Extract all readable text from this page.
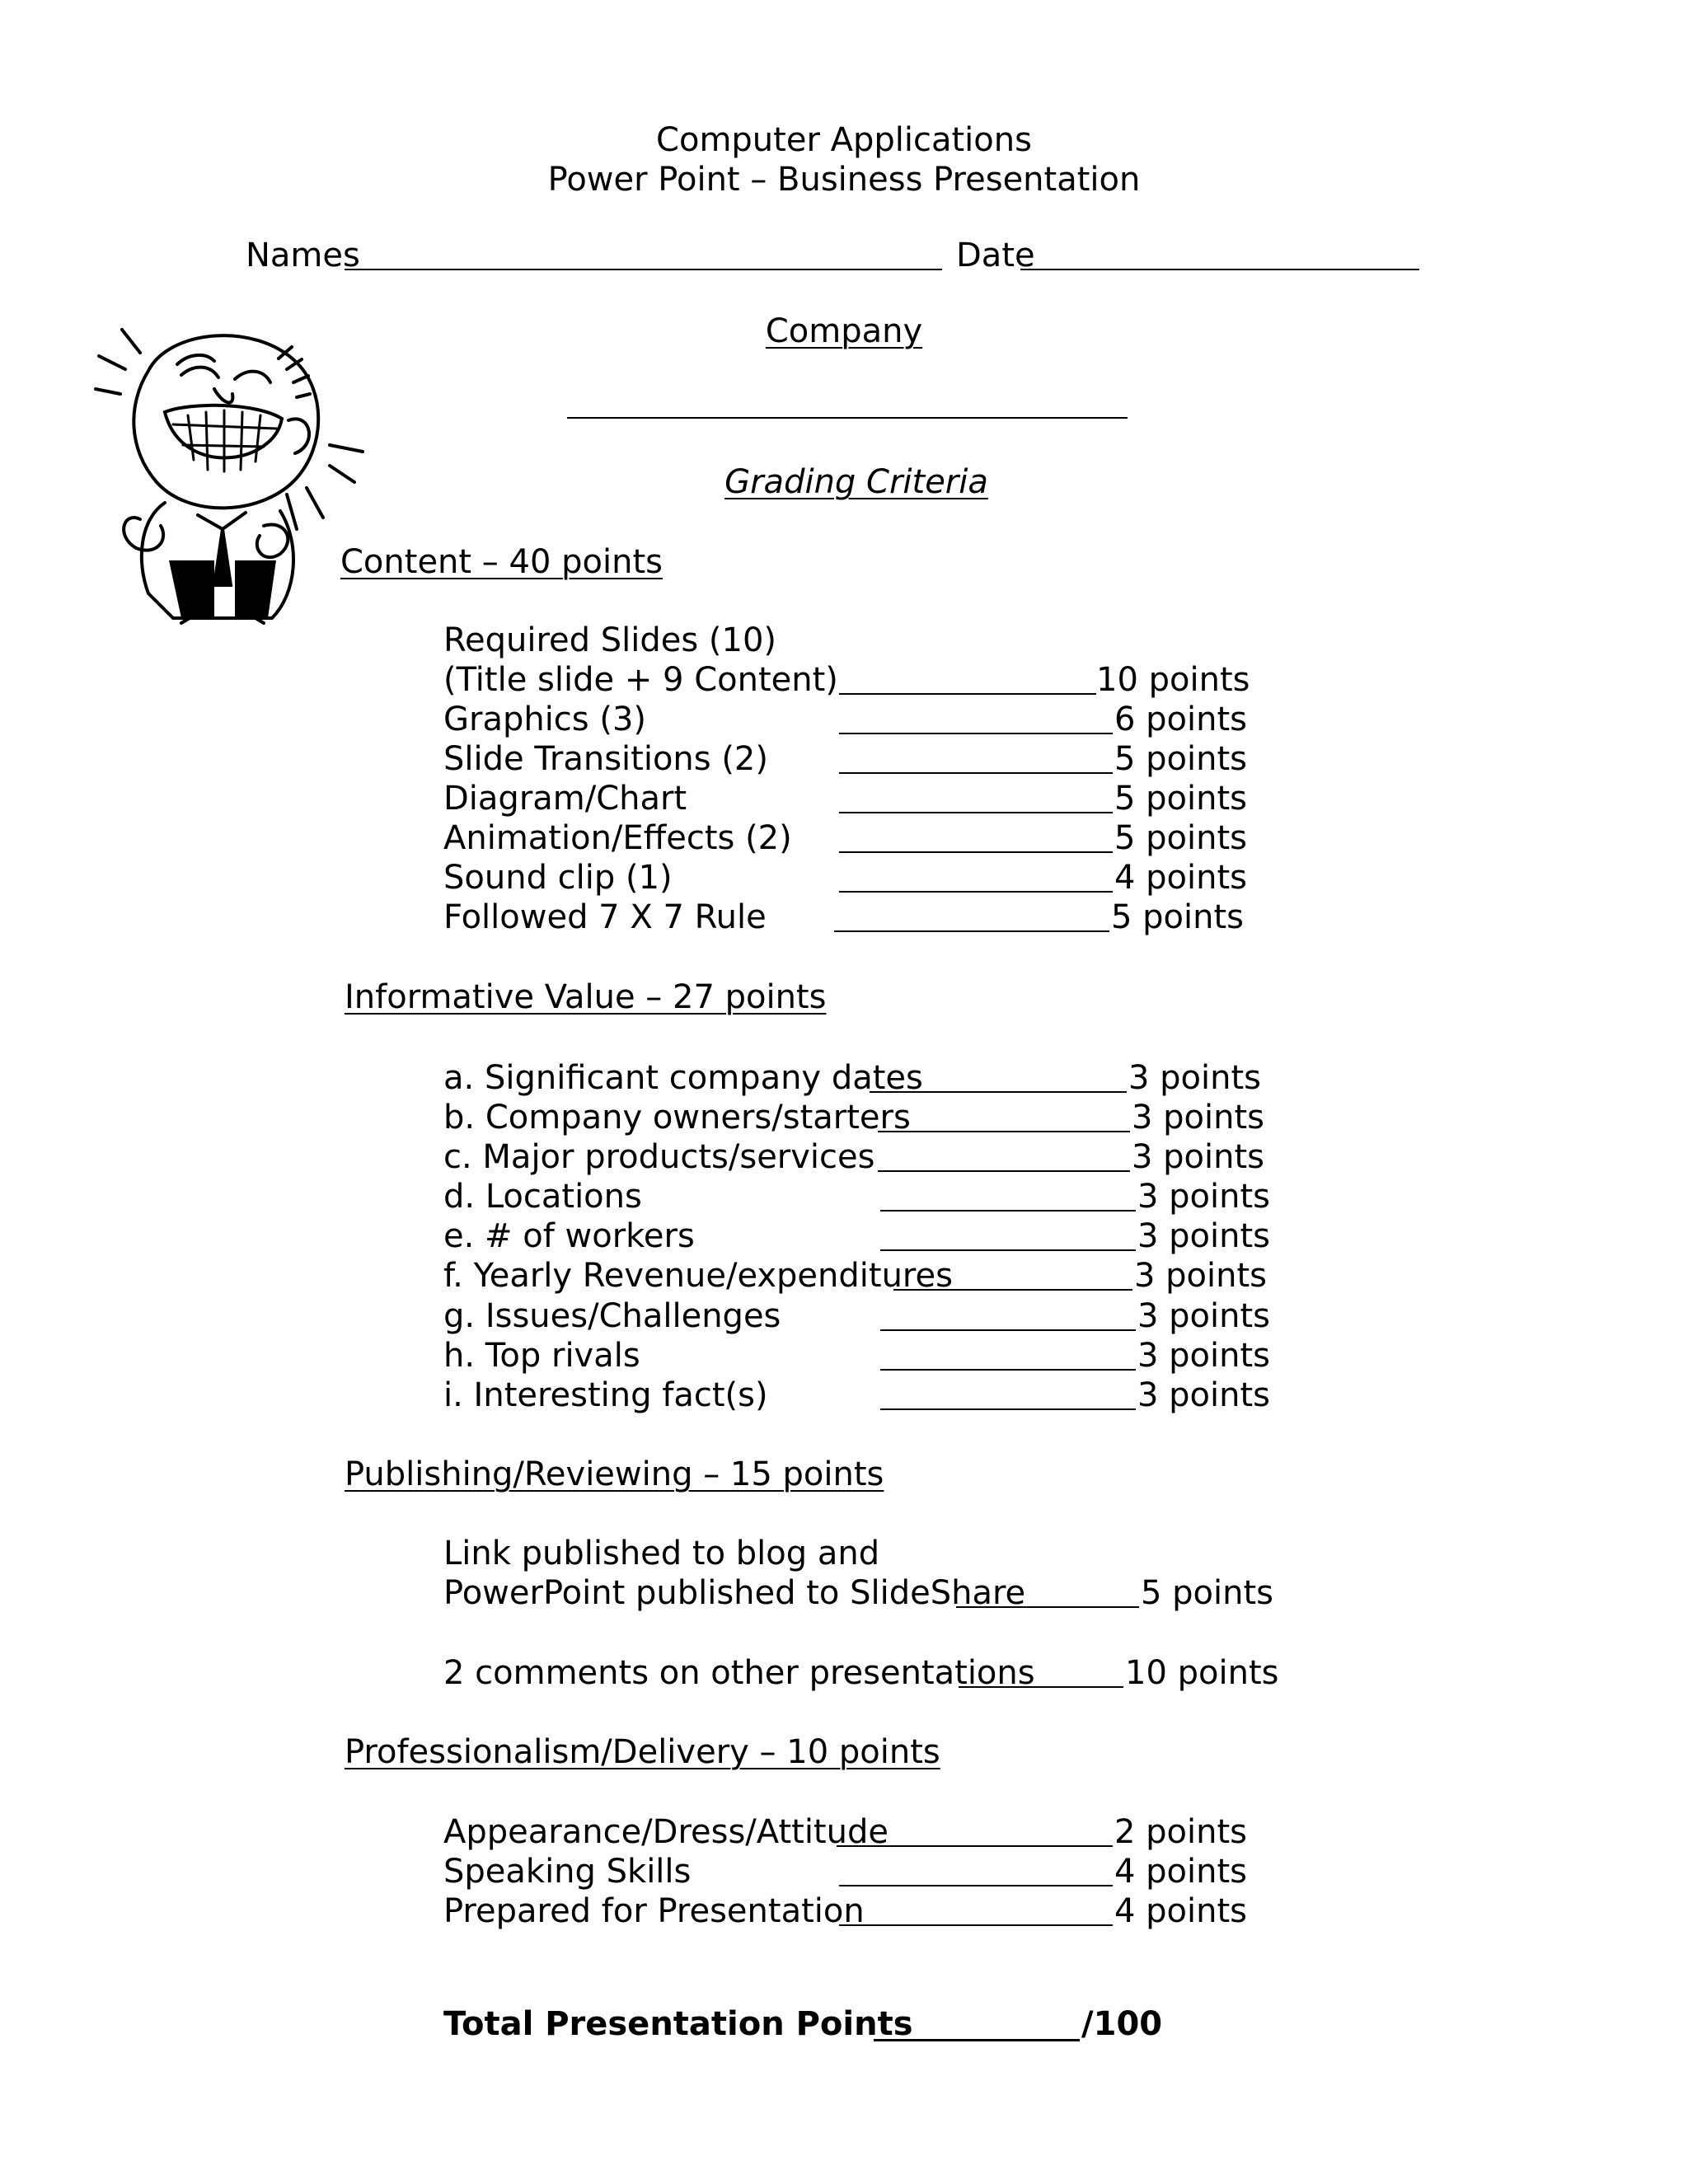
Computer Applications
Power Point – Business Presentation
Names	Date
Company
Grading Criteria
Content – 40 points
Required Slides (10)
(Title slide + 9 Content)	10 points
Graphics (3)	6 points
Slide Transitions (2)	5 points
Diagram/Chart	5 points
Animation/Effects (2)	5 points
Sound clip (1)	4 points
Followed 7 X 7 Rule	5 points
Informative Value – 27 points
a. Significant company dates	3 points
b. Company owners/starters	3 points
c. Major products/services	3 points
d. Locations	3 points
e. # of workers	3 points
f. Yearly Revenue/expenditures	3 points
g. Issues/Challenges	3 points
h. Top rivals	3 points
i. Interesting fact(s)	3 points
Publishing/Reviewing – 15 points
Link published to blog and
PowerPoint published to SlideShare	5 points
2 comments on other presentations	10 points
Professionalism/Delivery – 10 points
Appearance/Dress/Attitude	2 points
Speaking Skills	4 points
Prepared for Presentation	4 points
Total Presentation Points	/100
